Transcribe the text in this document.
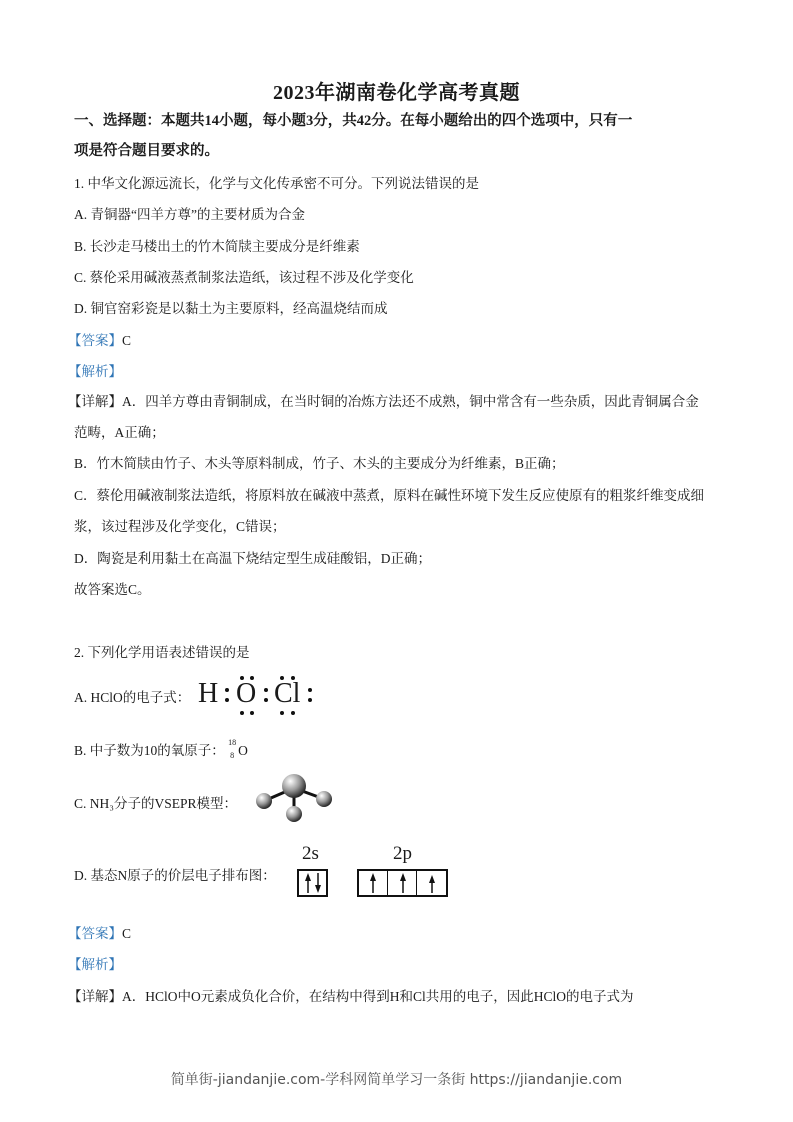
2023年湖南卷化学高考真题
一、选择题：本题共14小题，每小题3分，共42分。在每小题给出的四个选项中，只有一
项是符合题目要求的。
1. 中华文化源远流长，化学与文化传承密不可分。下列说法错误的是
A. 青铜器“四羊方尊”的主要材质为合金
B. 长沙走马楼出土的竹木简牍主要成分是纤维素
C. 蔡伦采用碱液蒸煮制浆法造纸，该过程不涉及化学变化
D. 铜官窑彩瓷是以黏土为主要原料，经高温烧结而成
【答案】C
【解析】
【详解】A．四羊方尊由青铜制成，在当时铜的冶炼方法还不成熟，铜中常含有一些杂质，因此青铜属合金
范畴，A正确；
B．竹木简牍由竹子、木头等原料制成，竹子、木头的主要成分为纤维素，B正确；
C．蔡伦用碱液制浆法造纸，将原料放在碱液中蒸煮，原料在碱性环境下发生反应使原有的粗浆纤维变成细
浆，该过程涉及化学变化，C错误；
D．陶瓷是利用黏土在高温下烧结定型生成硅酸铝，D正确；
故答案选C。
2. 下列化学用语表述错误的是
A. HClO的电子式： H O Cl
B. 中子数为10的氧原子：
18
8 O
C. NH₃分子的VSEPR模型：
D. 基态N原子的价层电子排布图：
2s	2p
【答案】C
【解析】
【详解】A．HClO中O元素成负化合价，在结构中得到H和Cl共用的电子，因此HClO的电子式为
简单街-jiandanjie.com-学科网简单学习一条街 https://jiandanjie.com
